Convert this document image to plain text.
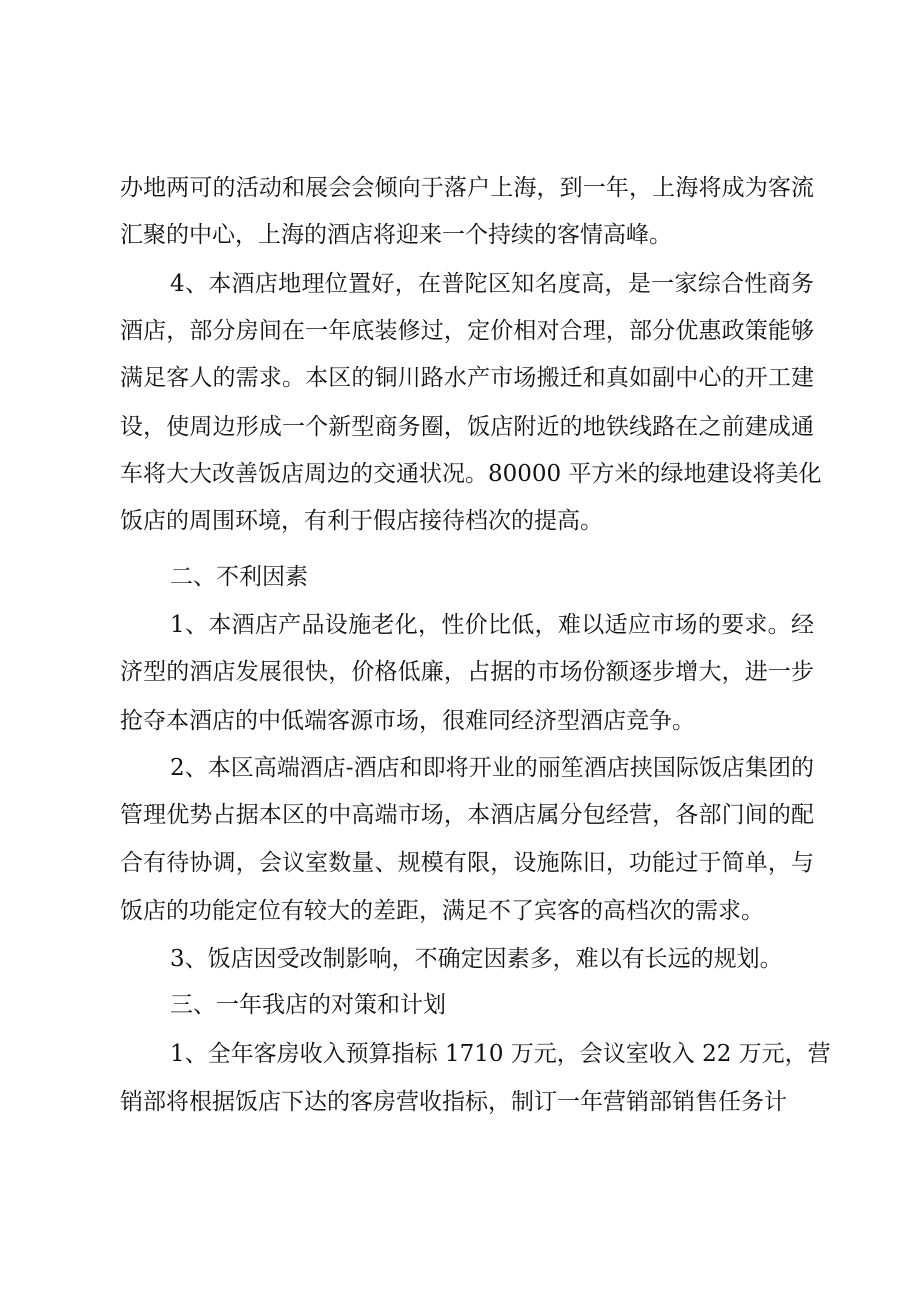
办地两可的活动和展会会倾向于落户上海，到一年，上海将成为客流
汇聚的中心，上海的酒店将迎来一个持续的客情高峰。
4、本酒店地理位置好，在普陀区知名度高，是一家综合性商务
酒店，部分房间在一年底装修过，定价相对合理，部分优惠政策能够
满足客人的需求。本区的铜川路水产市场搬迁和真如副中心的开工建
设，使周边形成一个新型商务圈，饭店附近的地铁线路在之前建成通
车将大大改善饭店周边的交通状况。80000 平方米的绿地建设将美化
饭店的周围环境，有利于假店接待档次的提高。
二、不利因素
1、本酒店产品设施老化，性价比低，难以适应市场的要求。经
济型的酒店发展很快，价格低廉，占据的市场份额逐步增大，进一步
抢夺本酒店的中低端客源市场，很难同经济型酒店竞争。
2、本区高端酒店-酒店和即将开业的丽笙酒店挟国际饭店集团的
管理优势占据本区的中高端市场，本酒店属分包经营，各部门间的配
合有待协调，会议室数量、规模有限，设施陈旧，功能过于简单，与
饭店的功能定位有较大的差距，满足不了宾客的高档次的需求。
3、饭店因受改制影响，不确定因素多，难以有长远的规划。
三、一年我店的对策和计划
1、全年客房收入预算指标 1710 万元，会议室收入 22 万元，营
销部将根据饭店下达的客房营收指标，制订一年营销部销售任务计
